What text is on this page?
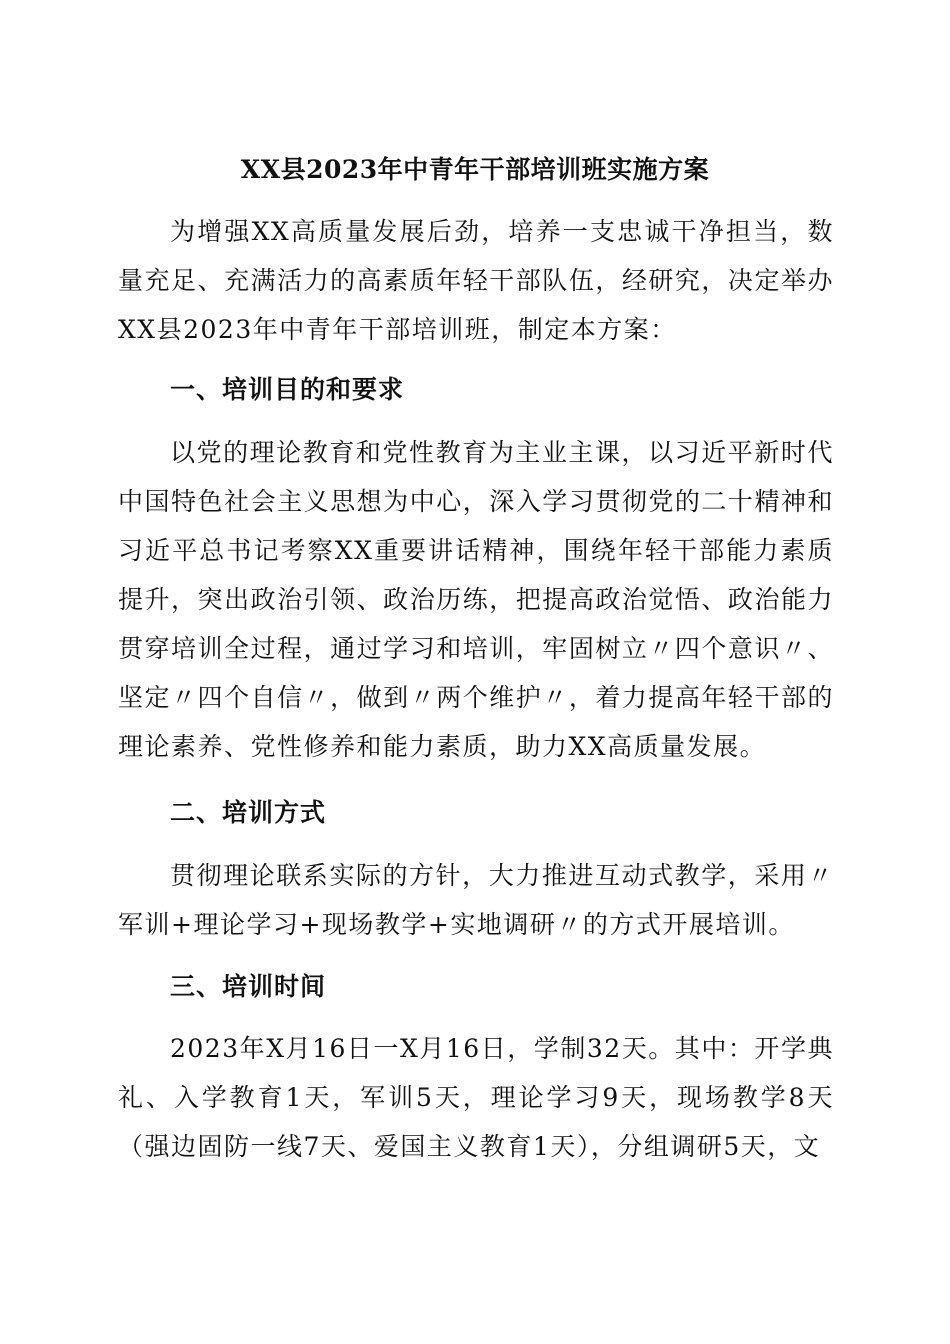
XX县2023年中青年干部培训班实施方案
为增强XX高质量发展后劲，培养一支忠诚干净担当，数量充足、充满活力的高素质年轻干部队伍，经研究，决定举办XX县2023年中青年干部培训班，制定本方案：
一、培训目的和要求
以党的理论教育和党性教育为主业主课，以习近平新时代中国特色社会主义思想为中心，深入学习贯彻党的二十精神和习近平总书记考察XX重要讲话精神，围绕年轻干部能力素质提升，突出政治引领、政治历练，把提高政治觉悟、政治能力贯穿培训全过程，通过学习和培训，牢固树立〃四个意识〃、坚定〃四个自信〃，做到〃两个维护〃，着力提高年轻干部的理论素养、党性修养和能力素质，助力XX高质量发展。
二、培训方式
贯彻理论联系实际的方针，大力推进互动式教学，采用〃军训+理论学习+现场教学+实地调研〃的方式开展培训。
三、培训时间
2023年X月16日一X月16日，学制32天。其中：开学典礼、入学教育1天，军训5天，理论学习9天，现场教学8天（强边固防一线7天、爱国主义教育1天），分组调研5天，文
